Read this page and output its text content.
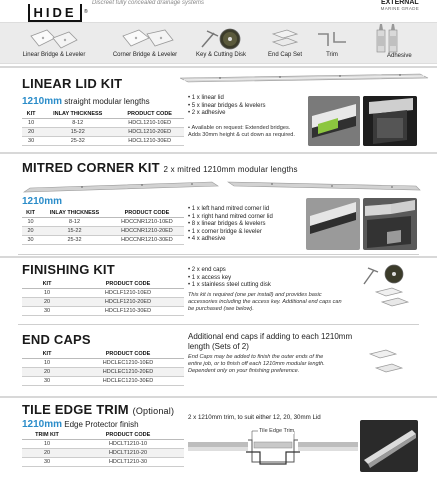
HIDE	®
Discreet fully concealed drainage systems	EXTERNAL
MARINE GRADE
Linear Bridge & Leveler	Corner Bridge & Leveler	Key & Cutting Disk	End Cap Set	Trim	Adhesive
LINEAR LID KIT
1210mm straight modular lengths
KIT	INLAY THICKNESS	PRODUCT CODE
10	8-12	HDCL1210-10ED
20	15-22	HDCL1210-20ED
30	25-32	HDCL1210-30ED
• 1 x linear lid
• 5 x linear bridges & levelers
• 2 x adhesive
• Available on request: Extended bridges. Adds 30mm height & cut down as required.
MITRED CORNER KIT 2 x mitred 1210mm modular lengths
1210mm
KIT	INLAY THICKNESS	PRODUCT CODE
10	8-12	HDCCNR1210-10ED
20	15-22	HDCCNR1210-20ED
30	25-32	HDCCNR1210-30ED
• 1 x left hand mitred corner lid
• 1 x right hand mitred corner lid
• 8 x linear bridges & levelers
• 1 x corner bridge & leveler
• 4 x adhesive
FINISHING KIT
KIT	PRODUCT CODE
10	HDCLF1210-10ED
20	HDCLF1210-20ED
30	HDCLF1210-30ED
• 2 x end caps
• 1 x access key
• 1 x stainless steel cutting disk
This kit is required (one per install) and provides basic accessories including the access key. Additional end caps can be purchased (see below).
END CAPS	Additional end caps if adding to each 1210mm length (Sets of 2)
KIT	PRODUCT CODE
10	HDCLEC1210-10ED
20	HDCLEC1210-20ED
30	HDCLEC1210-30ED
End Caps may be added to finish the outer ends of the entire job, or to finish off each 1210mm modular length. Dependent only on your finishing preference.
TILE EDGE TRIM (Optional)
1210mm Edge Protector finish
TRIM KIT	PRODUCT CODE
10	HDCLT1210-10
20	HDCLT1210-20
30	HDCLT1210-30
2 x 1210mm trim, to suit either 12, 20, 30mm Lid
Tile Edge Trim
